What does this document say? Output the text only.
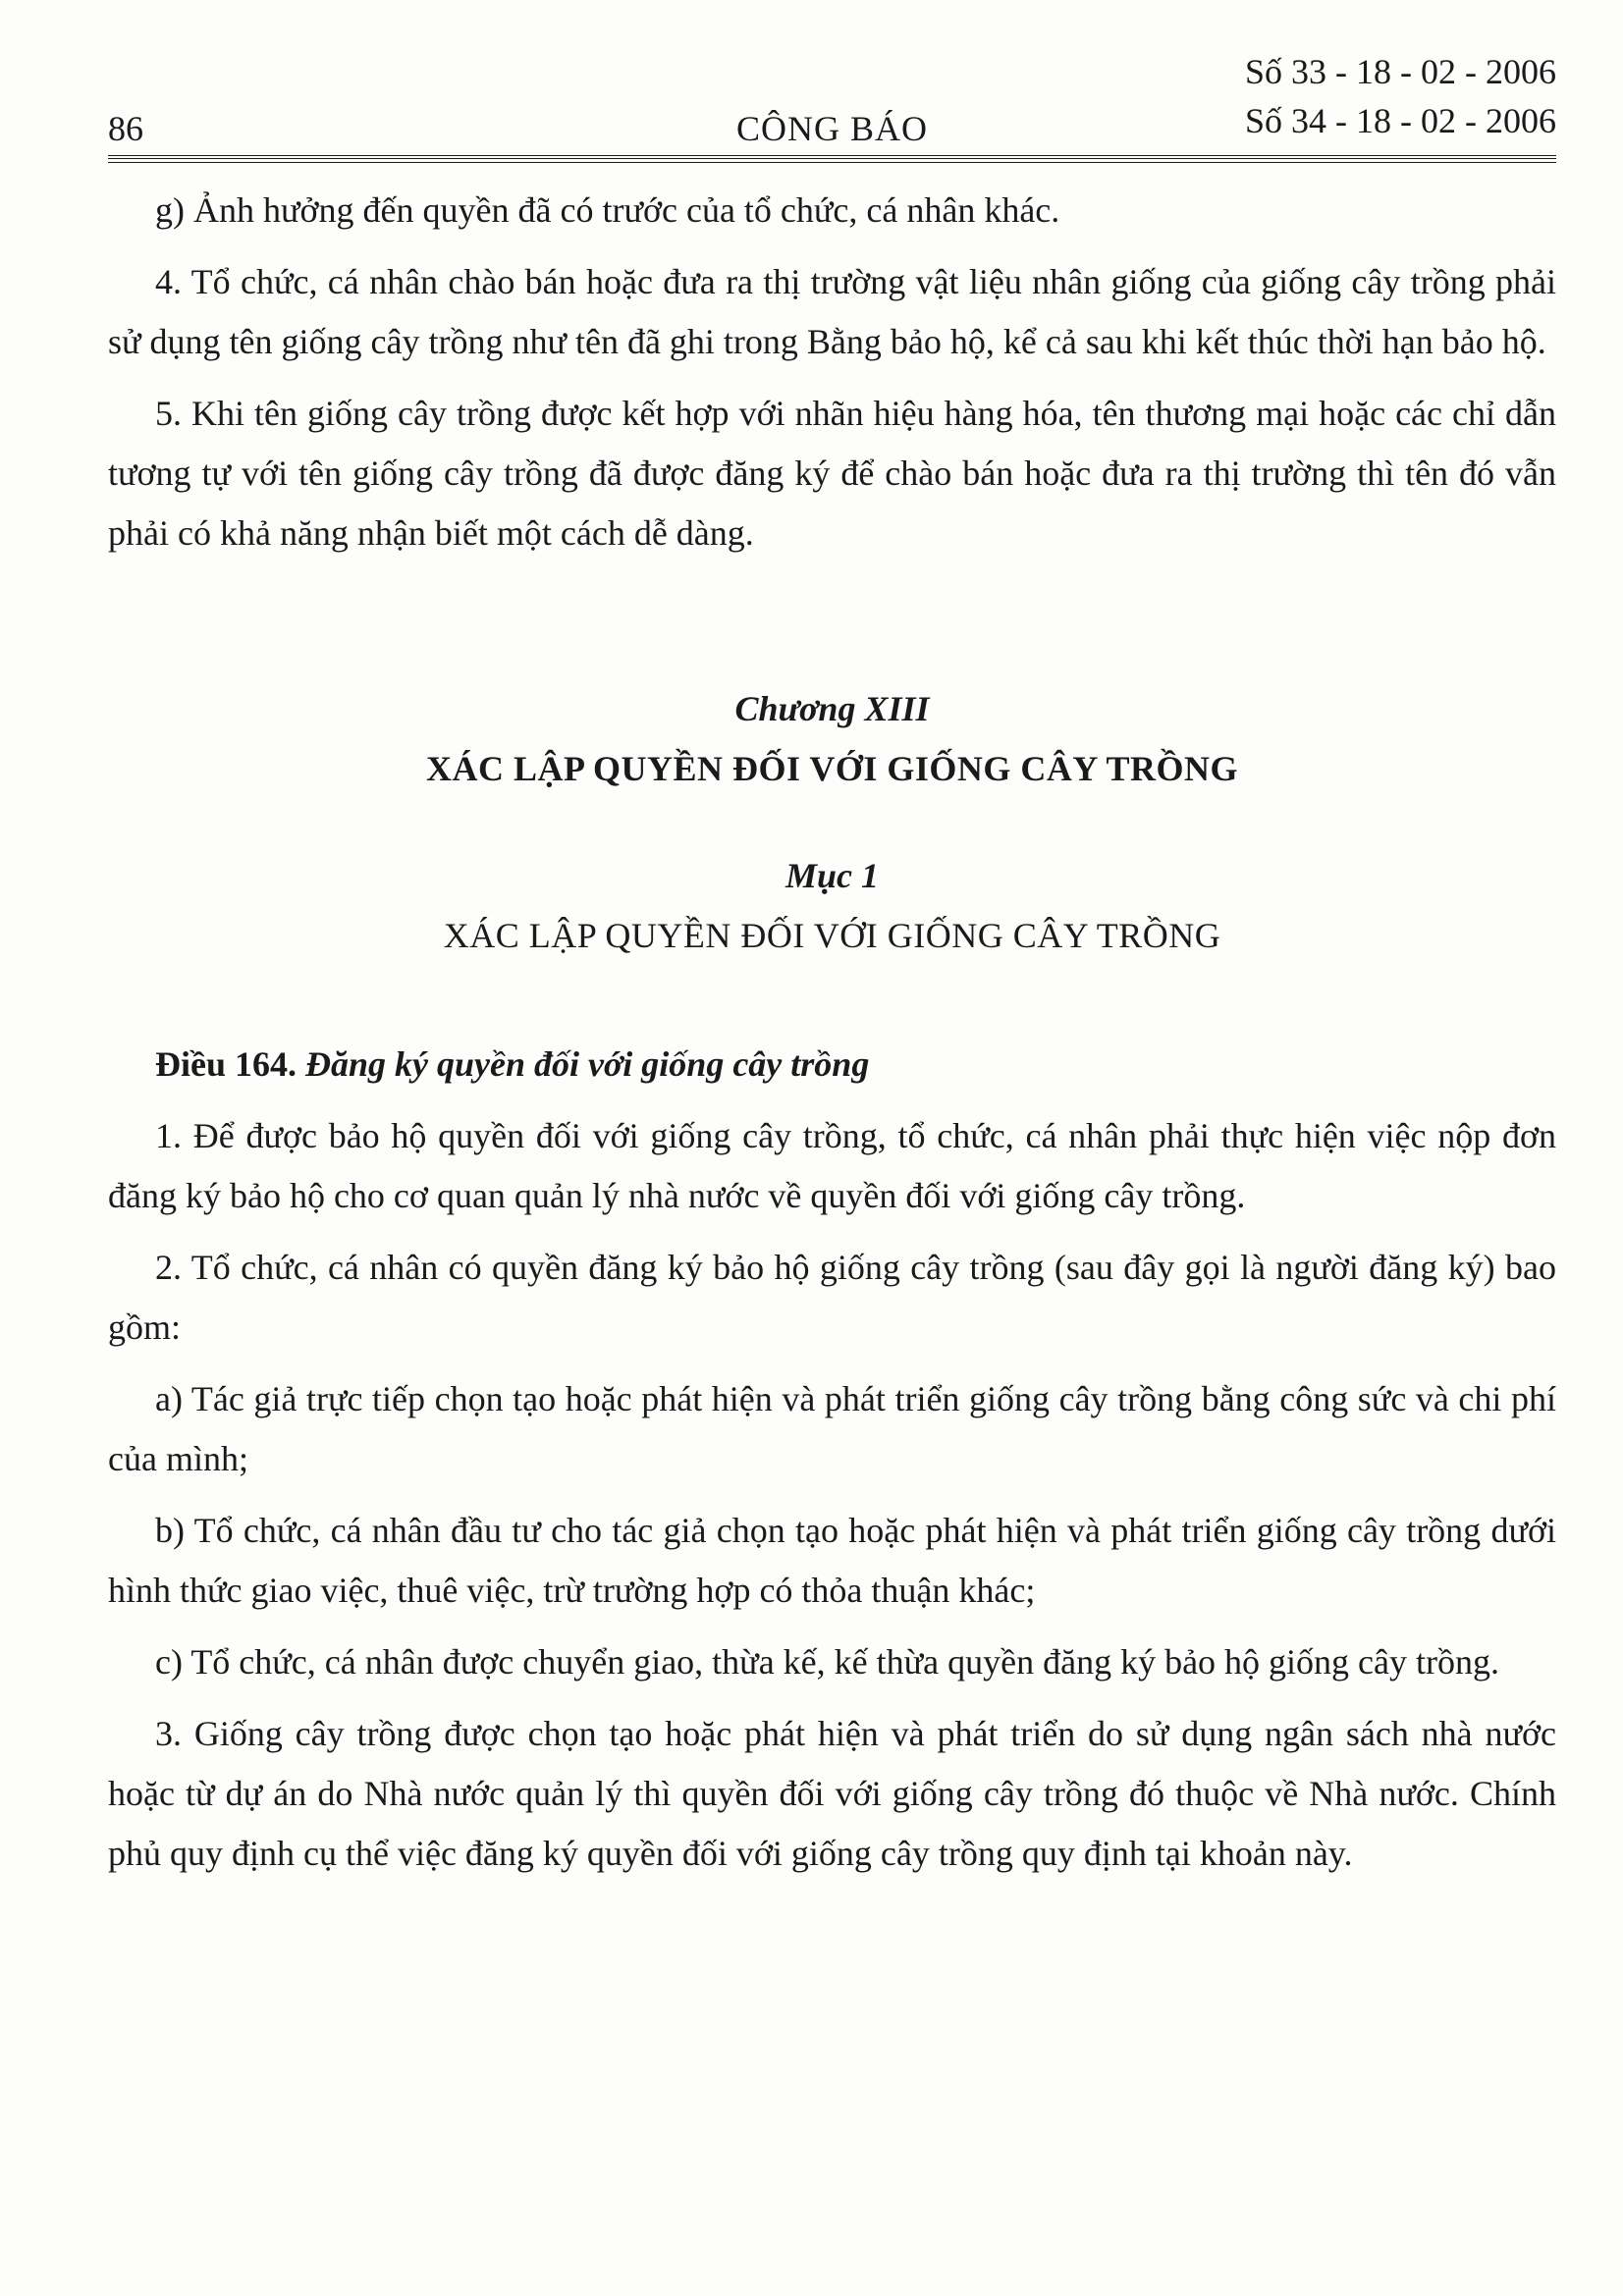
86	CÔNG BÁO
Số 33 - 18 - 02 - 2006
Số 34 - 18 - 02 - 2006

g) Ảnh hưởng đến quyền đã có trước của tổ chức, cá nhân khác.

4. Tổ chức, cá nhân chào bán hoặc đưa ra thị trường vật liệu nhân giống của giống cây trồng phải sử dụng tên giống cây trồng như tên đã ghi trong Bằng bảo hộ, kể cả sau khi kết thúc thời hạn bảo hộ.

5. Khi tên giống cây trồng được kết hợp với nhãn hiệu hàng hóa, tên thương mại hoặc các chỉ dẫn tương tự với tên giống cây trồng đã được đăng ký để chào bán hoặc đưa ra thị trường thì tên đó vẫn phải có khả năng nhận biết một cách dễ dàng.

Chương XIII

XÁC LẬP QUYỀN ĐỐI VỚI GIỐNG CÂY TRỒNG

Mục 1

XÁC LẬP QUYỀN ĐỐI VỚI GIỐNG CÂY TRỒNG

Điều 164. Đăng ký quyền đối với giống cây trồng

1. Để được bảo hộ quyền đối với giống cây trồng, tổ chức, cá nhân phải thực hiện việc nộp đơn đăng ký bảo hộ cho cơ quan quản lý nhà nước về quyền đối với giống cây trồng.

2. Tổ chức, cá nhân có quyền đăng ký bảo hộ giống cây trồng (sau đây gọi là người đăng ký) bao gồm:

a) Tác giả trực tiếp chọn tạo hoặc phát hiện và phát triển giống cây trồng bằng công sức và chi phí của mình;

b) Tổ chức, cá nhân đầu tư cho tác giả chọn tạo hoặc phát hiện và phát triển giống cây trồng dưới hình thức giao việc, thuê việc, trừ trường hợp có thỏa thuận khác;

c) Tổ chức, cá nhân được chuyển giao, thừa kế, kế thừa quyền đăng ký bảo hộ giống cây trồng.

3. Giống cây trồng được chọn tạo hoặc phát hiện và phát triển do sử dụng ngân sách nhà nước hoặc từ dự án do Nhà nước quản lý thì quyền đối với giống cây trồng đó thuộc về Nhà nước. Chính phủ quy định cụ thể việc đăng ký quyền đối với giống cây trồng quy định tại khoản này.
